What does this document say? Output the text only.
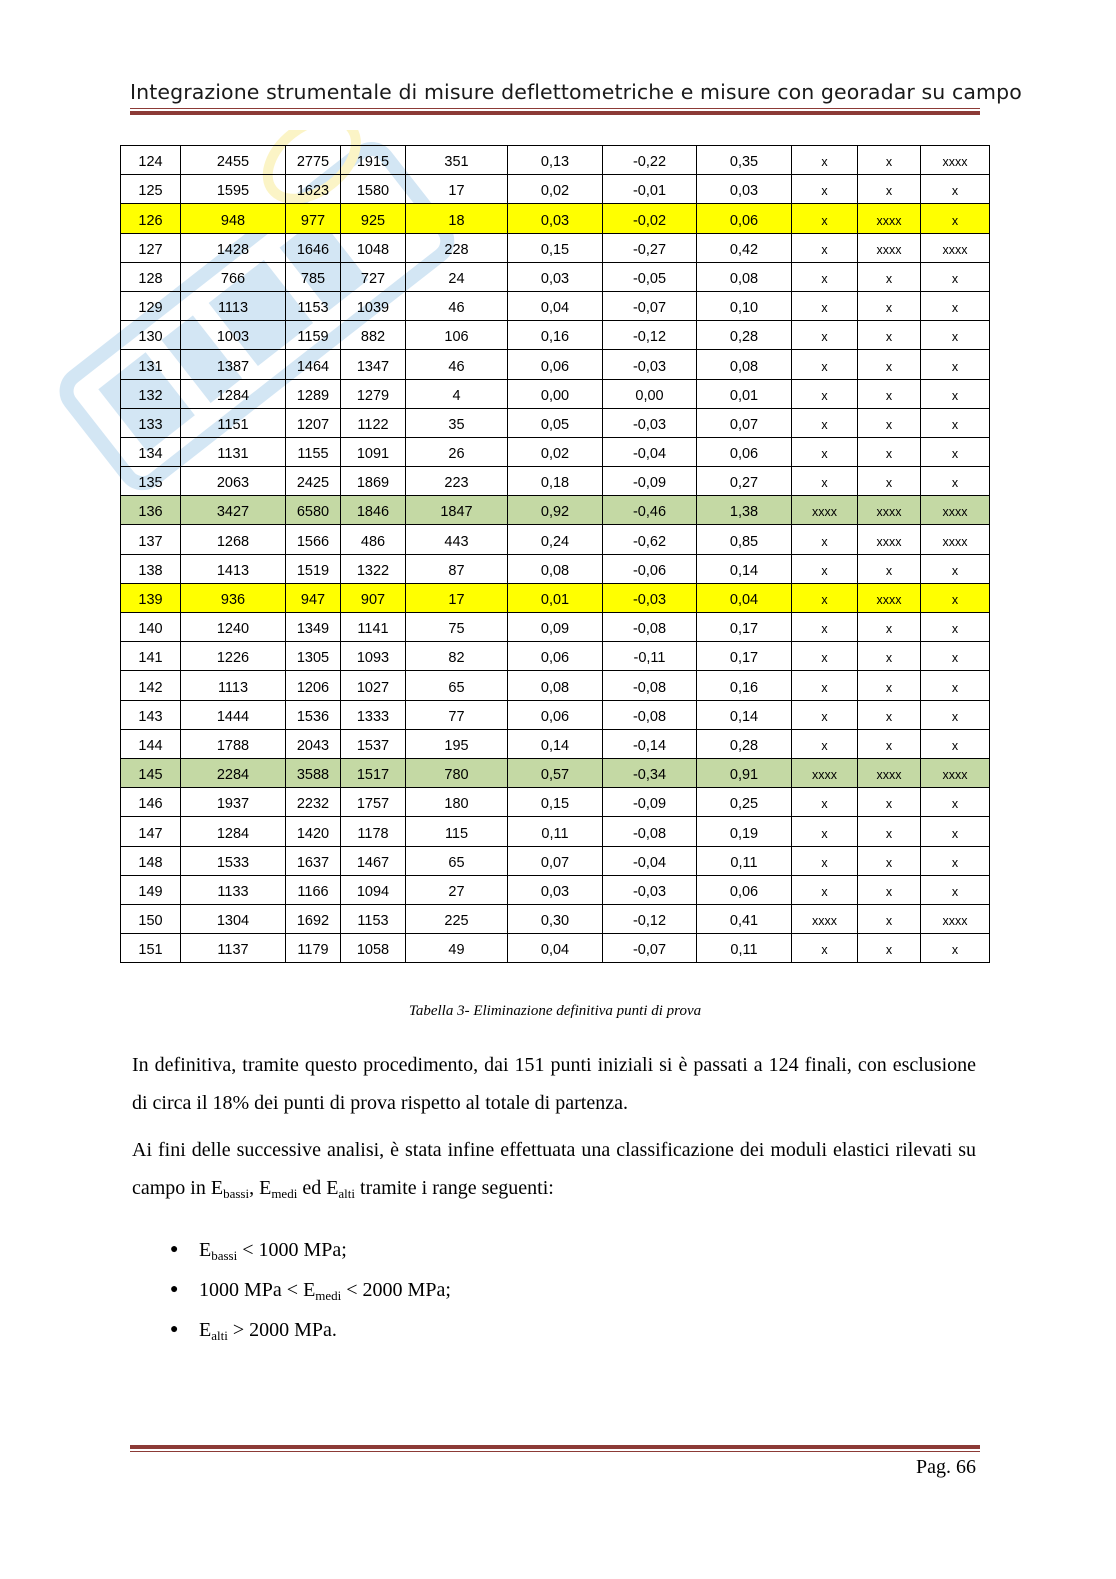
Integrazione strumentale di misure deflettometriche e misure con georadar su campo
124	2455	2775	1915	351	0,13	-0,22	0,35	x	x	xxxx
125	1595	1623	1580	17	0,02	-0,01	0,03	x	x	x
126	948	977	925	18	0,03	-0,02	0,06	x	xxxx	x
127	1428	1646	1048	228	0,15	-0,27	0,42	x	xxxx	xxxx
128	766	785	727	24	0,03	-0,05	0,08	x	x	x
129	1113	1153	1039	46	0,04	-0,07	0,10	x	x	x
130	1003	1159	882	106	0,16	-0,12	0,28	x	x	x
131	1387	1464	1347	46	0,06	-0,03	0,08	x	x	x
132	1284	1289	1279	4	0,00	0,00	0,01	x	x	x
133	1151	1207	1122	35	0,05	-0,03	0,07	x	x	x
134	1131	1155	1091	26	0,02	-0,04	0,06	x	x	x
135	2063	2425	1869	223	0,18	-0,09	0,27	x	x	x
136	3427	6580	1846	1847	0,92	-0,46	1,38	xxxx	xxxx	xxxx
137	1268	1566	486	443	0,24	-0,62	0,85	x	xxxx	xxxx
138	1413	1519	1322	87	0,08	-0,06	0,14	x	x	x
139	936	947	907	17	0,01	-0,03	0,04	x	xxxx	x
140	1240	1349	1141	75	0,09	-0,08	0,17	x	x	x
141	1226	1305	1093	82	0,06	-0,11	0,17	x	x	x
142	1113	1206	1027	65	0,08	-0,08	0,16	x	x	x
143	1444	1536	1333	77	0,06	-0,08	0,14	x	x	x
144	1788	2043	1537	195	0,14	-0,14	0,28	x	x	x
145	2284	3588	1517	780	0,57	-0,34	0,91	xxxx	xxxx	xxxx
146	1937	2232	1757	180	0,15	-0,09	0,25	x	x	x
147	1284	1420	1178	115	0,11	-0,08	0,19	x	x	x
148	1533	1637	1467	65	0,07	-0,04	0,11	x	x	x
149	1133	1166	1094	27	0,03	-0,03	0,06	x	x	x
150	1304	1692	1153	225	0,30	-0,12	0,41	xxxx	x	xxxx
151	1137	1179	1058	49	0,04	-0,07	0,11	x	x	x
Tabella 3- Eliminazione definitiva punti di prova
In definitiva, tramite questo procedimento, dai 151 punti iniziali si è passati a 124 finali, con esclusione di circa il 18% dei punti di prova rispetto al totale di partenza.
Ai fini delle successive analisi, è stata infine effettuata una classificazione dei moduli elastici rilevati su campo in $E_{bassi}$, $E_{medi}$ ed $E_{alti}$ tramite i range seguenti:
● $E_{bassi} < 1000$ MPa;
● 1000 MPa < $E_{medi} < 2000$ MPa;
● $E_{alti} > 2000$ MPa.
Pag. 66
